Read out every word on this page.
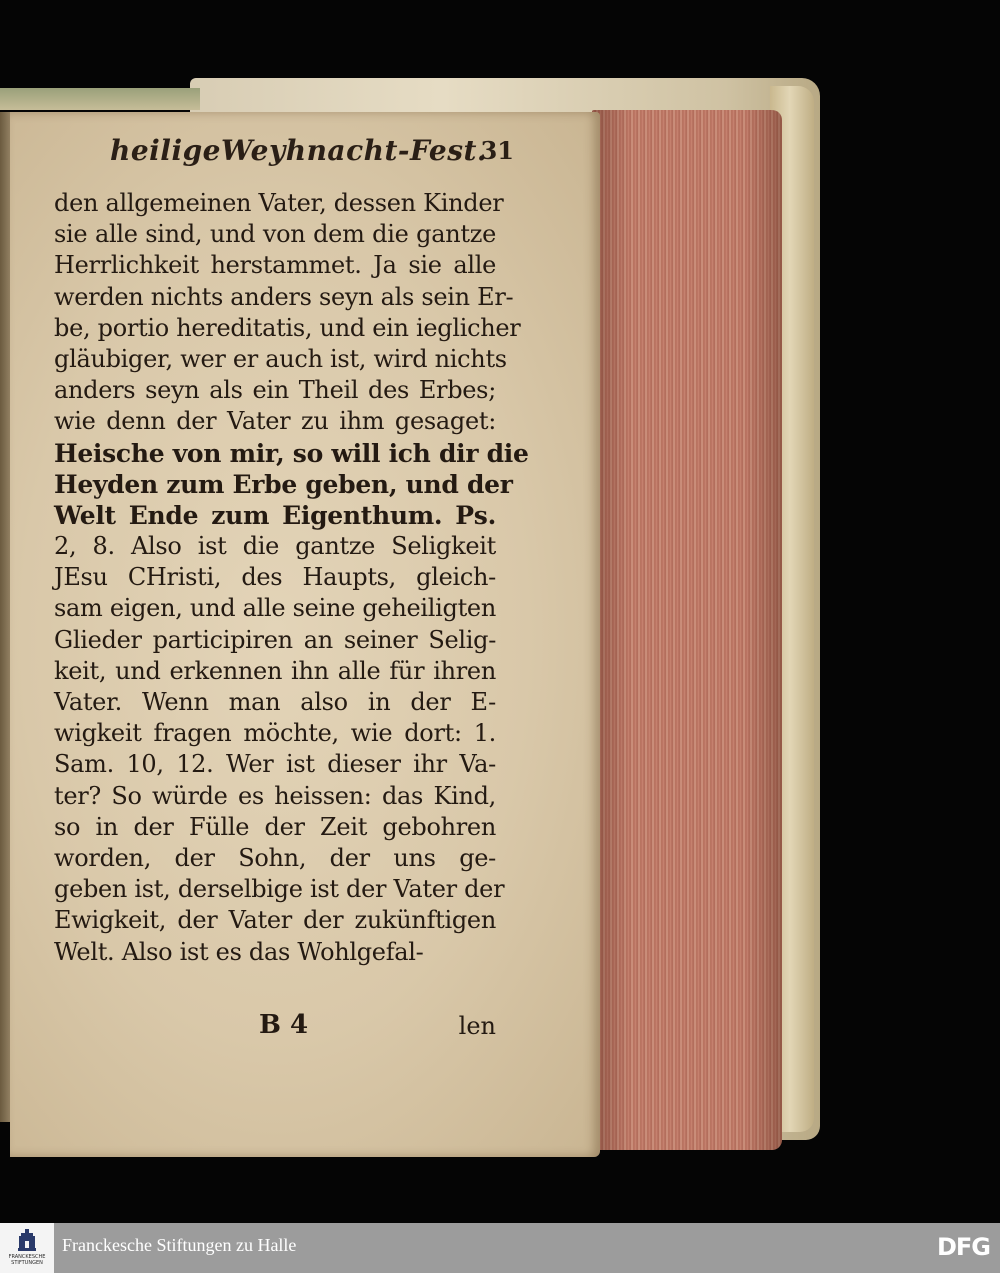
heiligeWeyhnacht-Fest.
31
den allgemeinen Vater, dessen Kinder
sie alle sind, und von dem die gantze
Herrlichkeit herstammet. Ja sie alle
werden nichts anders seyn als sein Er-
be, portio hereditatis, und ein ieglicher
gläubiger, wer er auch ist, wird nichts
anders seyn als ein Theil des Erbes;
wie denn der Vater zu ihm gesaget:
Heische von mir, so will ich dir die
Heyden zum Erbe geben, und der
Welt Ende zum Eigenthum. Ps.
2, 8. Also ist die gantze Seligkeit
JEsu CHristi, des Haupts, gleich-
sam eigen, und alle seine geheiligten
Glieder participiren an seiner Selig-
keit, und erkennen ihn alle für ihren
Vater. Wenn man also in der E-
wigkeit fragen möchte, wie dort: 1.
Sam. 10, 12. Wer ist dieser ihr Va-
ter? So würde es heissen: das Kind,
so in der Fülle der Zeit gebohren
worden, der Sohn, der uns ge-
geben ist, derselbige ist der Vater der
Ewigkeit, der Vater der zukünftigen
Welt. Also ist es das Wohlgefal-
B 4	len
FRANCKESCHE
STIFTUNGEN
Franckesche Stiftungen zu Halle	DFG
